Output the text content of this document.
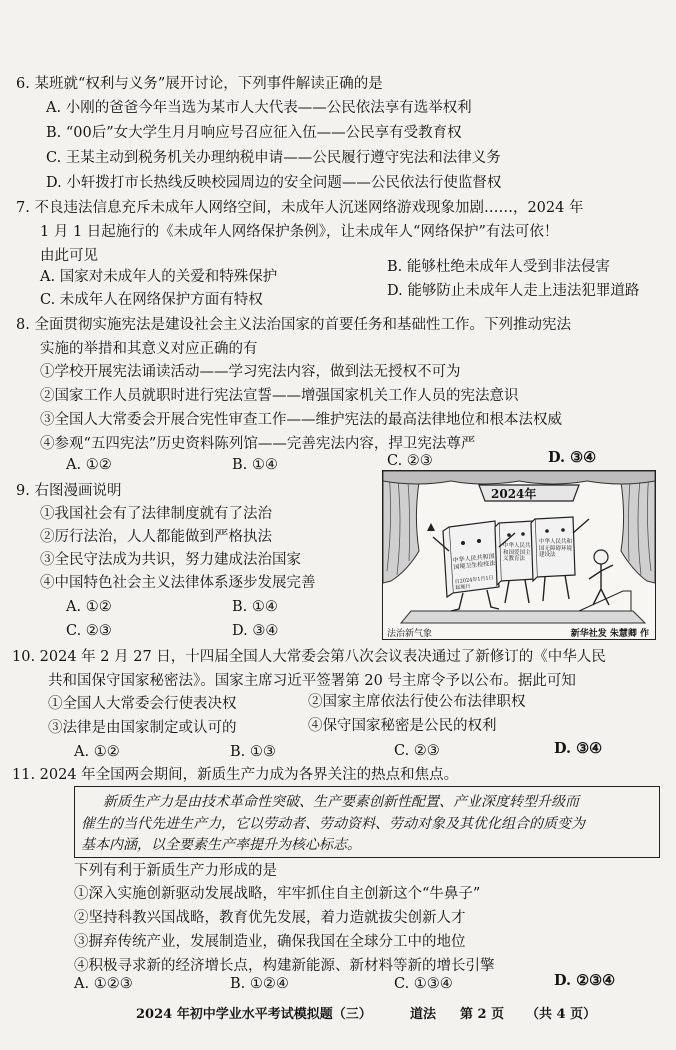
6. 某班就“权利与义务”展开讨论，下列事件解读正确的是
A. 小刚的爸爸今年当选为某市人大代表——公民依法享有选举权利
B. “00后”女大学生月月响应号召应征入伍——公民享有受教育权
C. 王某主动到税务机关办理纳税申请——公民履行遵守宪法和法律义务
D. 小轩拨打市长热线反映校园周边的安全问题——公民依法行使监督权
7. 不良违法信息充斥未成年人网络空间，未成年人沉迷网络游戏现象加剧……，2024 年
1 月 1 日起施行的《未成年人网络保护条例》，让未成年人“网络保护”有法可依！
由此可见
A. 国家对未成年人的关爱和特殊保护
B. 能够杜绝未成年人受到非法侵害
C. 未成年人在网络保护方面有特权
D. 能够防止未成年人走上违法犯罪道路
8. 全面贯彻实施宪法是建设社会主义法治国家的首要任务和基础性工作。下列推动宪法
实施的举措和其意义对应正确的有
①学校开展宪法诵读活动——学习宪法内容，做到法无授权不可为
②国家工作人员就职时进行宪法宣誓——增强国家机关工作人员的宪法意识
③全国人大常委会开展合宪性审查工作——维护宪法的最高法律地位和根本法权威
④参观“五四宪法”历史资料陈列馆——完善宪法内容，捍卫宪法尊严
A. ①②	B. ①④	C. ②③	D. ③④
9. 右图漫画说明
①我国社会有了法律制度就有了法治
②厉行法治，人人都能做到严格执法
③全民守法成为共识，努力建成法治国家
④中国特色社会主义法律体系逐步发展完善
A. ①②	B. ①④
C. ②③	D. ③④
2024年
中华人民共和国国境卫生检疫法
自2024年1月1日起施行
中华人民共和国爱国主义教育法
中华人民共和国无障碍环境建设法
法治新气象	新华社发 朱慧卿 作
10. 2024 年 2 月 27 日，十四届全国人大常委会第八次会议表决通过了新修订的《中华人民
共和国保守国家秘密法》。国家主席习近平签署第 20 号主席令予以公布。据此可知
①全国人大常委会行使表决权	②国家主席依法行使公布法律职权
③法律是由国家制定或认可的	④保守国家秘密是公民的权利
A. ①②	B. ①③	C. ②③	D. ③④
11. 2024 年全国两会期间，新质生产力成为各界关注的热点和焦点。
新质生产力是由技术革命性突破、生产要素创新性配置、产业深度转型升级而
催生的当代先进生产力，它以劳动者、劳动资料、劳动对象及其优化组合的质变为
基本内涵，以全要素生产率提升为核心标志。
下列有利于新质生产力形成的是
①深入实施创新驱动发展战略，牢牢抓住自主创新这个“牛鼻子”
②坚持科教兴国战略，教育优先发展，着力造就拔尖创新人才
③摒弃传统产业，发展制造业，确保我国在全球分工中的地位
④积极寻求新的经济增长点，构建新能源、新材料等新的增长引擎
A. ①②③	B. ①②④	C. ①③④	D. ②③④
2024 年初中学业水平考试模拟题（三）	道法 第 2 页 （共 4 页）
